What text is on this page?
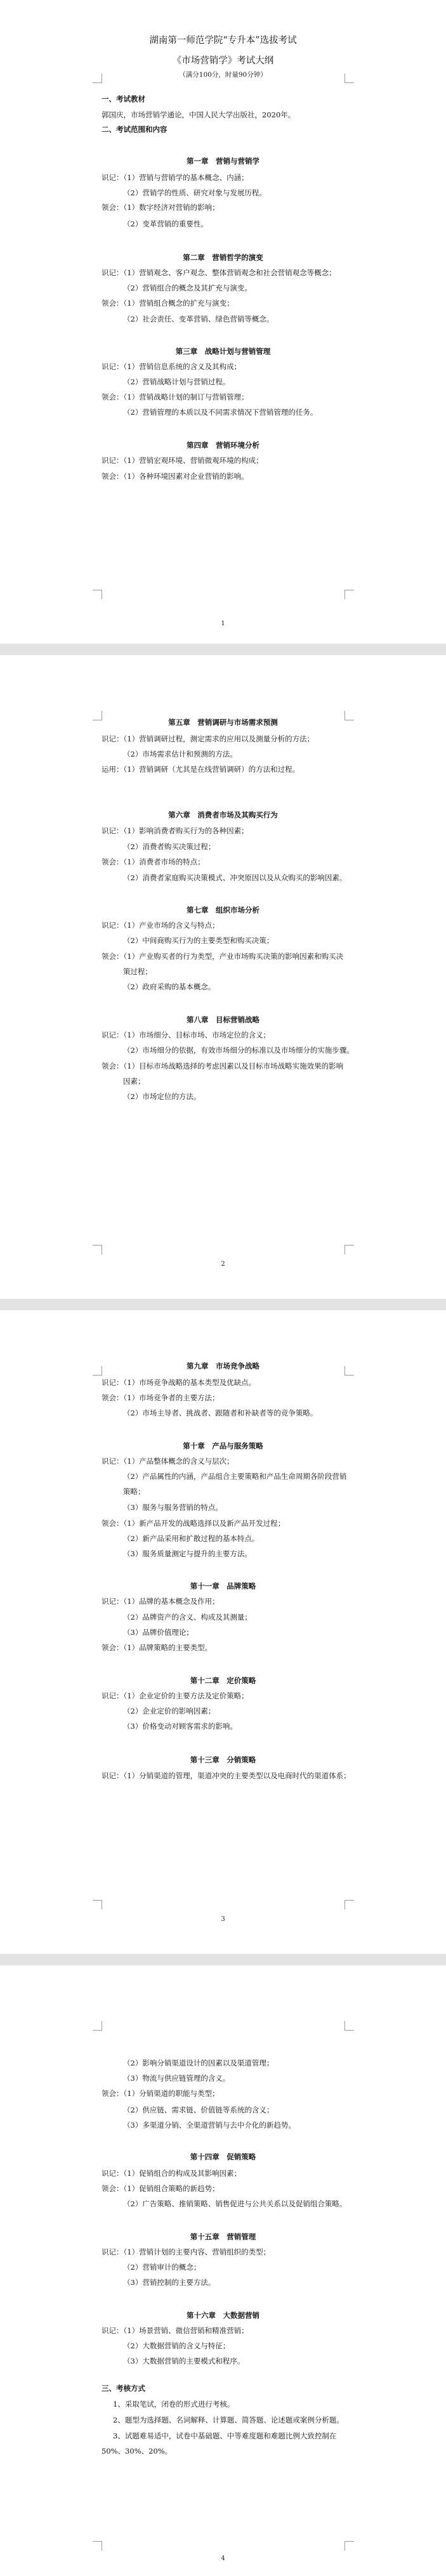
湖南第一师范学院“专升本”选拔考试
《市场营销学》考试大纲
（满分100分，时量90分钟）
一、考试教材
郭国庆，市场营销学通论，中国人民大学出版社，2020年。
二、考试范围和内容
第一章　营销与营销学
识记：（1）营销与营销学的基本概念、内涵；
（2）营销学的性质、研究对象与发展历程。
领会：（1）数字经济对营销的影响；
（2）变革营销的重要性。
第二章　营销哲学的演变
识记：（1）营销观念、客户观念、整体营销观念和社会营销观念等概念；
（2）营销组合的概念及其扩充与演变。
领会：（1）营销组合概念的扩充与演变；
（2）社会责任、变革营销、绿色营销等概念。
第三章　战略计划与营销管理
识记：（1）营销信息系统的含义及其构成；
（2）营销战略计划与营销过程。
领会：（1）营销战略计划的制订与营销管理；
（2）营销管理的本质以及不同需求情况下营销管理的任务。
第四章　营销环境分析
识记：（1）营销宏观环境、营销微观环境的构成；
领会：（1）各种环境因素对企业营销的影响。
1
第五章　营销调研与市场需求预测
识记：（1）营销调研过程，测定需求的应用以及测量分析的方法；
（2）市场需求估计和预测的方法。
运用：（1）营销调研（尤其是在线营销调研）的方法和过程。
第六章　消费者市场及其购买行为
识记：（1）影响消费者购买行为的各种因素；
（2）消费者购买决策过程；
领会：（1）消费者市场的特点；
（2）消费者家庭购买决策模式、冲突原因以及从众购买的影响因素。
第七章　组织市场分析
识记：（1）产业市场的含义与特点；
（2）中间商购买行为的主要类型和购买决策；
领会：（1）产业购买者的行为类型，产业市场购买决策的影响因素和购买决
策过程；
（2）政府采购的基本概念。
第八章　目标营销战略
识记：（1）市场细分、目标市场、市场定位的含义；
（2）市场细分的依据，有效市场细分的标准以及市场细分的实施步骤。
领会：（1）目标市场战略选择的考虑因素以及目标市场战略实施效果的影响
因素；
（2）市场定位的方法。
2
第九章　市场竞争战略
识记：（1）市场竞争战略的基本类型及优缺点。
领会：（1）市场竞争者的主要方法；
（2）市场主导者、挑战者、跟随者和补缺者等的竞争策略。
第十章　产品与服务策略
识记：（1）产品整体概念的含义与层次；
（2）产品属性的内涵，产品组合主要策略和产品生命周期各阶段营销
策略；
（3）服务与服务营销的特点。
领会：（1）新产品开发的战略选择以及新产品开发过程；
（2）新产品采用和扩散过程的基本特点。
（3）服务质量测定与提升的主要方法。
第十一章　品牌策略
识记：（1）品牌的基本概念及作用；
（2）品牌资产的含义、构成及其测量；
（3）品牌价值理论；
领会：（1）品牌策略的主要类型。
第十二章　定价策略
识记：（1）企业定价的主要方法及定价策略；
（2）企业定价的影响因素；
（3）价格变动对顾客需求的影响。
第十三章　分销策略
识记：（1）分销渠道的管理，渠道冲突的主要类型以及电商时代的渠道体系；
3
（2）影响分销渠道设计的因素以及渠道管理；
（3）物流与供应链管理的含义。
领会：（1）分销渠道的职能与类型；
（2）供应链、需求链、价值链等系统的含义；
（3）多渠道分销、全渠道营销与去中介化的新趋势。
第十四章　促销策略
识记：（1）促销组合的构成及其影响因素；
领会：（1）促销组合策略的新趋势；
（2）广告策略、推销策略、销售促进与公共关系以及促销组合策略。
第十五章　营销管理
识记：（1）营销计划的主要内容、营销组织的类型；
（2）营销审计的概念；
（3）营销控制的主要方法。
第十六章　大数据营销
识记：（1）场景营销、微信营销和精准营销；
（2）大数据营销的含义与特征；
（3）大数据营销的主要模式和程序。
三、考核方式
1、采取笔试，闭卷的形式进行考核。
2、题型为选择题、名词解释、计算题、简答题、论述题或案例分析题。
3、试题难易适中，试卷中基础题、中等难度题和难题比例大致控制在
50%、30%、20%。
4
